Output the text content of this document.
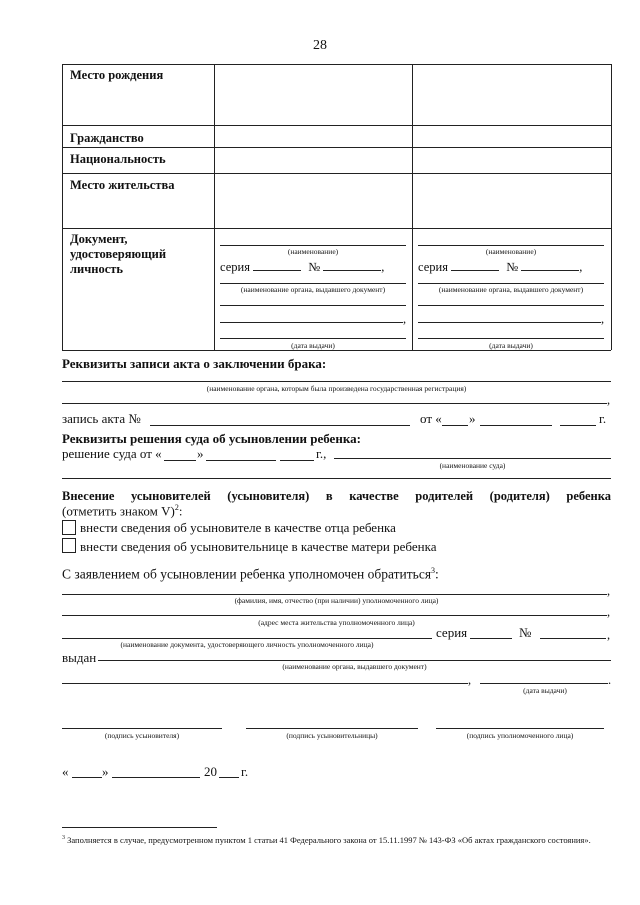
28
Место рождения
Гражданство
Национальность
Место жительства
Документ, удостоверяющий личность
(наименование)
серия	№	,
(наименование органа, выдавшего документ)
,
(дата выдачи)
(наименование)
серия	№	,
(наименование органа, выдавшего документ)
,
(дата выдачи)
Реквизиты записи акта о заключении брака:
(наименование органа, которым была произведена государственная регистрация)
,
запись акта №	от « »	г.
Реквизиты решения суда об усыновлении ребенка:
решение суда от «	»	г.,
(наименование суда)
Внесение усыновителей (усыновителя) в качестве родителей (родителя) ребенка
(отметить знаком V)$^2$:
внести сведения об усыновителе в качестве отца ребенка
внести сведения об усыновительнице в качестве матери ребенка
С заявлением об усыновлении ребенка уполномочен обратиться$^3$:
,
(фамилия, имя, отчество (при наличии) уполномоченного лица)
,
(адрес места жительства уполномоченного лица)
серия	№	,
(наименование документа, удостоверяющего личность уполномоченного лица)
выдан
(наименование органа, выдавшего документ)
,	.
(дата выдачи)
(подпись усыновителя)	(подпись усыновительницы)	(подпись уполномоченного лица)
«	»	20 г.
$^3$ Заполняется в случае, предусмотренном пунктом 1 статьи 41 Федерального закона от 15.11.1997 № 143-ФЗ «Об актах гражданского состояния».
